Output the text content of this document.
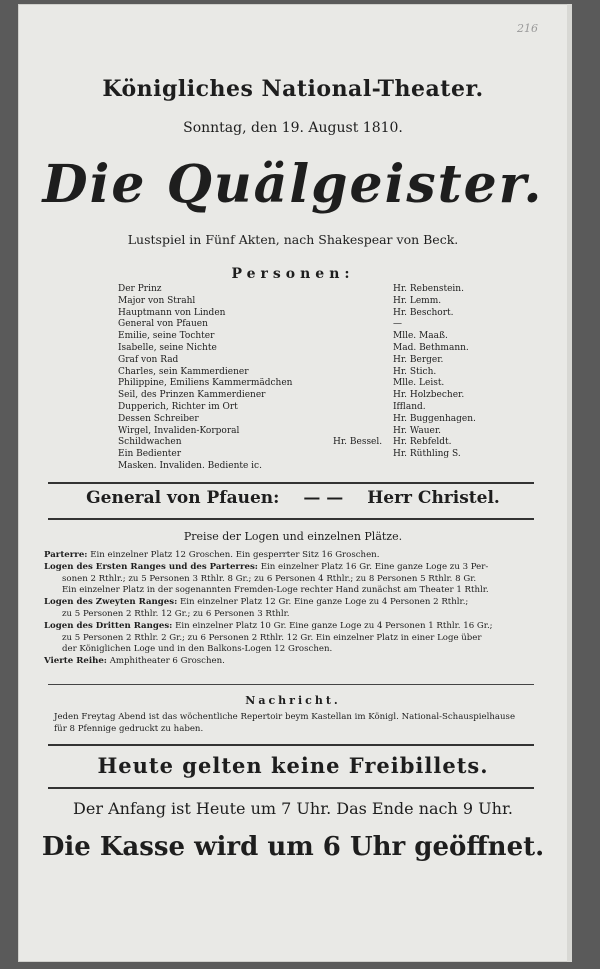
216
Königliches National-Theater.
Sonntag, den 19. August 1810.
Die Quälgeister.
Lustspiel in Fünf Akten, nach Shakespear von Beck.
Personen:
Der Prinz	Hr. Rebenstein.
Major von Strahl	Hr. Lemm.
Hauptmann von Linden	Hr. Beschort.
General von Pfauen	—
Emilie, seine Tochter	Mlle. Maaß.
Isabelle, seine Nichte	Mad. Bethmann.
Graf von Rad	Hr. Berger.
Charles, sein Kammerdiener	Hr. Stich.
Philippine, Emiliens Kammermädchen	Mlle. Leist.
Seil, des Prinzen Kammerdiener	Hr. Holzbecher.
Dupperich, Richter im Ort	Iffland.
Dessen Schreiber	Hr. Buggenhagen.
Wirgel, Invaliden-Korporal	Hr. Wauer.
Schildwachen	Hr. Bessel.	Hr. Rebfeldt.
Ein Bedienter	Hr. Rüthling S.
Masken. Invaliden. Bediente ic.
General von Pfauen: — — Herr Christel.
Preise der Logen und einzelnen Plätze.
Parterre: Ein einzelner Platz 12 Groschen. Ein gesperrter Sitz 16 Groschen.
Logen des Ersten Ranges und des Parterres: Ein einzelner Platz 16 Gr. Eine ganze Loge zu 3 Per-
sonen 2 Rthlr.; zu 5 Personen 3 Rthlr. 8 Gr.; zu 6 Personen 4 Rthlr.; zu 8 Personen 5 Rthlr. 8 Gr.
Ein einzelner Platz in der sogenannten Fremden-Loge rechter Hand zunächst am Theater 1 Rthlr.
Logen des Zweyten Ranges: Ein einzelner Platz 12 Gr. Eine ganze Loge zu 4 Personen 2 Rthlr.;
zu 5 Personen 2 Rthlr. 12 Gr.; zu 6 Personen 3 Rthlr.
Logen des Dritten Ranges: Ein einzelner Platz 10 Gr. Eine ganze Loge zu 4 Personen 1 Rthlr. 16 Gr.;
zu 5 Personen 2 Rthlr. 2 Gr.; zu 6 Personen 2 Rthlr. 12 Gr. Ein einzelner Platz in einer Loge über
der Königlichen Loge und in den Balkons-Logen 12 Groschen.
Vierte Reihe: Amphitheater 6 Groschen.
Nachricht.
Jeden Freytag Abend ist das wöchentliche Repertoir beym Kastellan im Königl. National-Schauspielhause
für 8 Pfennige gedruckt zu haben.
Heute gelten keine Freibillets.
Der Anfang ist Heute um 7 Uhr. Das Ende nach 9 Uhr.
Die Kasse wird um 6 Uhr geöffnet.
